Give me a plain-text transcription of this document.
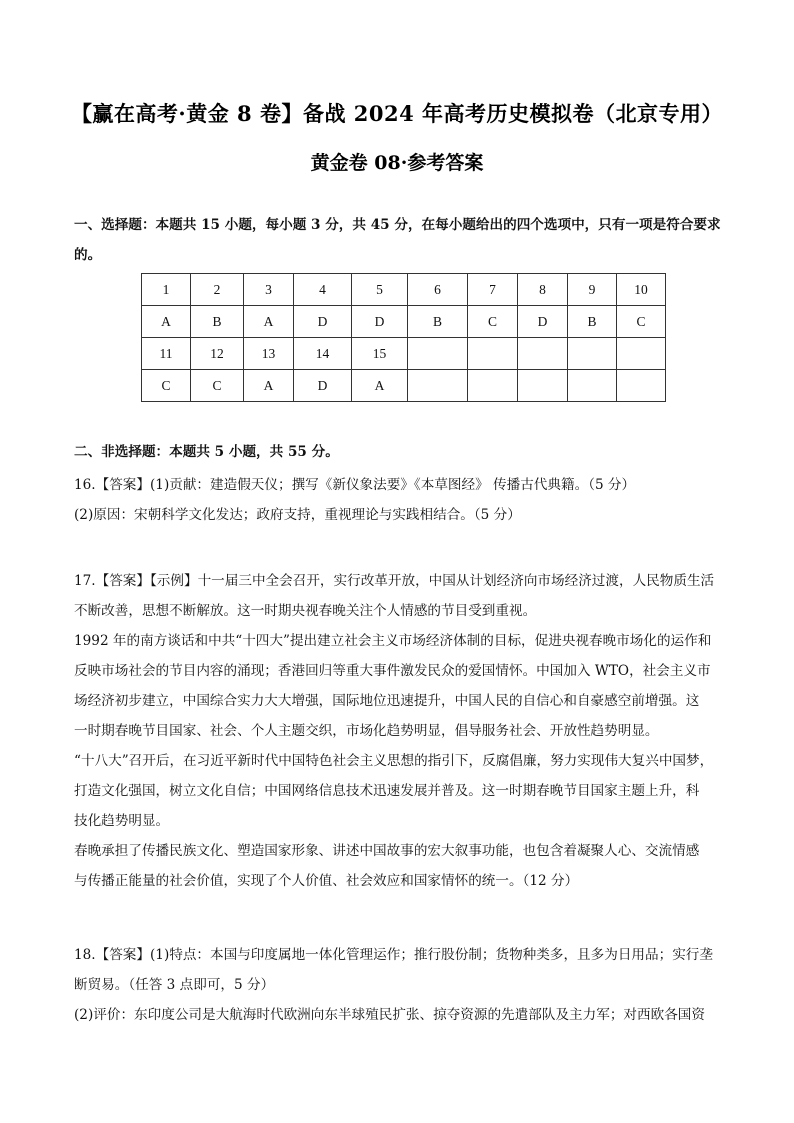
【赢在高考·黄金 8 卷】备战 2024 年高考历史模拟卷（北京专用）
黄金卷 08·参考答案
一、选择题：本题共 15 小题，每小题 3 分，共 45 分，在每小题给出的四个选项中，只有一项是符合要求
的。
1	2	3	4	5	6	7	8	9	10
A	B	A	D	D	B	C	D	B	C
11	12	13	14	15					
C	C	A	D	A					
二、非选择题：本题共 5 小题，共 55 分。
16.【答案】(1)贡献：建造假天仪；撰写《新仪象法要》《本草图经》 传播古代典籍。（5 分）
(2)原因：宋朝科学文化发达；政府支持，重视理论与实践相结合。（5 分）
17.【答案】【示例】十一届三中全会召开，实行改革开放，中国从计划经济向市场经济过渡，人民物质生活
不断改善，思想不断解放。这一时期央视春晚关注个人情感的节目受到重视。
1992 年的南方谈话和中共“十四大”提出建立社会主义市场经济体制的目标，促进央视春晚市场化的运作和
反映市场社会的节目内容的涌现；香港回归等重大事件激发民众的爱国情怀。中国加入 WTO，社会主义市
场经济初步建立，中国综合实力大大增强，国际地位迅速提升，中国人民的自信心和自豪感空前增强。这
一时期春晚节目国家、社会、个人主题交织，市场化趋势明显，倡导服务社会、开放性趋势明显。
“十八大”召开后，在习近平新时代中国特色社会主义思想的指引下，反腐倡廉，努力实现伟大复兴中国梦，
打造文化强国，树立文化自信；中国网络信息技术迅速发展并普及。这一时期春晚节目国家主题上升，科
技化趋势明显。
春晚承担了传播民族文化、塑造国家形象、讲述中国故事的宏大叙事功能，也包含着凝聚人心、交流情感
与传播正能量的社会价值，实现了个人价值、社会效应和国家情怀的统一。（12 分）
18.【答案】(1)特点：本国与印度属地一体化管理运作；推行股份制；货物种类多，且多为日用品；实行垄
断贸易。（任答 3 点即可，5 分）
(2)评价：东印度公司是大航海时代欧洲向东半球殖民扩张、掠夺资源的先遣部队及主力军；对西欧各国资
